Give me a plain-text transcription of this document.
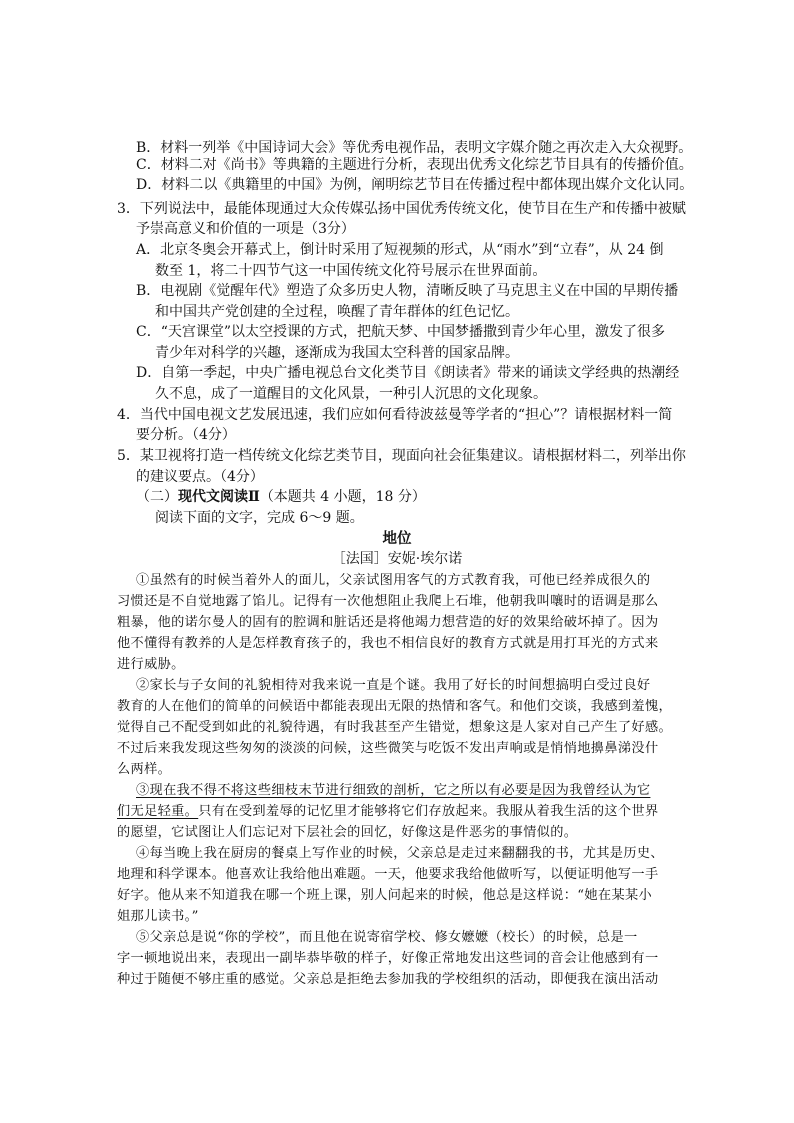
B．材料一列举《中国诗词大会》等优秀电视作品，表明文字媒介随之再次走入大众视野。
C．材料二对《尚书》等典籍的主题进行分析，表现出优秀文化综艺节目具有的传播价值。
D．材料二以《典籍里的中国》为例，阐明综艺节目在传播过程中都体现出媒介文化认同。
3．下列说法中，最能体现通过大众传媒弘扬中国优秀传统文化，使节目在生产和传播中被赋
予崇高意义和价值的一项是（3分）
A．北京冬奥会开幕式上，倒计时采用了短视频的形式，从“雨水”到“立春”，从 24 倒
数至 1，将二十四节气这一中国传统文化符号展示在世界面前。
B．电视剧《觉醒年代》塑造了众多历史人物，清晰反映了马克思主义在中国的早期传播
和中国共产党创建的全过程，唤醒了青年群体的红色记忆。
C．“天宫课堂”以太空授课的方式，把航天梦、中国梦播撒到青少年心里，激发了很多
青少年对科学的兴趣，逐渐成为我国太空科普的国家品牌。
D．自第一季起，中央广播电视总台文化类节目《朗读者》带来的诵读文学经典的热潮经
久不息，成了一道醒目的文化风景，一种引人沉思的文化现象。
4．当代中国电视文艺发展迅速，我们应如何看待波兹曼等学者的“担心”？请根据材料一简
要分析。（4分）
5．某卫视将打造一档传统文化综艺类节目，现面向社会征集建议。请根据材料二，列举出你
的建议要点。（4分）
（二）现代文阅读Ⅱ（本题共 4 小题，18 分）
阅读下面的文字，完成 6～9 题。
地位
［法国］安妮·埃尔诺
①虽然有的时候当着外人的面儿，父亲试图用客气的方式教育我，可他已经养成很久的
习惯还是不自觉地露了馅儿。记得有一次他想阻止我爬上石堆，他朝我叫嚷时的语调是那么
粗暴，他的诺尔曼人的固有的腔调和脏话还是将他竭力想营造的好的效果给破坏掉了。因为
他不懂得有教养的人是怎样教育孩子的，我也不相信良好的教育方式就是用打耳光的方式来
进行威胁。
②家长与子女间的礼貌相待对我来说一直是个谜。我用了好长的时间想搞明白受过良好
教育的人在他们的简单的问候语中都能表现出无限的热情和客气。和他们交谈，我感到羞愧，
觉得自己不配受到如此的礼貌待遇，有时我甚至产生错觉，想象这是人家对自己产生了好感。
不过后来我发现这些匆匆的淡淡的问候，这些微笑与吃饭不发出声响或是悄悄地擤鼻涕没什
么两样。
③现在我不得不将这些细枝末节进行细致的剖析，它之所以有必要是因为我曾经认为它
们无足轻重。只有在受到羞辱的记忆里才能够将它们存放起来。我服从着我生活的这个世界
的愿望，它试图让人们忘记对下层社会的回忆，好像这是件恶劣的事情似的。
④每当晚上我在厨房的餐桌上写作业的时候，父亲总是走过来翻翻我的书，尤其是历史、
地理和科学课本。他喜欢让我给他出难题。一天，他要求我给他做听写，以便证明他写一手
好字。他从来不知道我在哪一个班上课，别人问起来的时候，他总是这样说：“她在某某小
姐那儿读书。”
⑤父亲总是说“你的学校”，而且他在说寄宿学校、修女嬷嬷（校长）的时候，总是一
字一顿地说出来，表现出一副毕恭毕敬的样子，好像正常地发出这些词的音会让他感到有一
种过于随便不够庄重的感觉。父亲总是拒绝去参加我的学校组织的活动，即便我在演出活动
